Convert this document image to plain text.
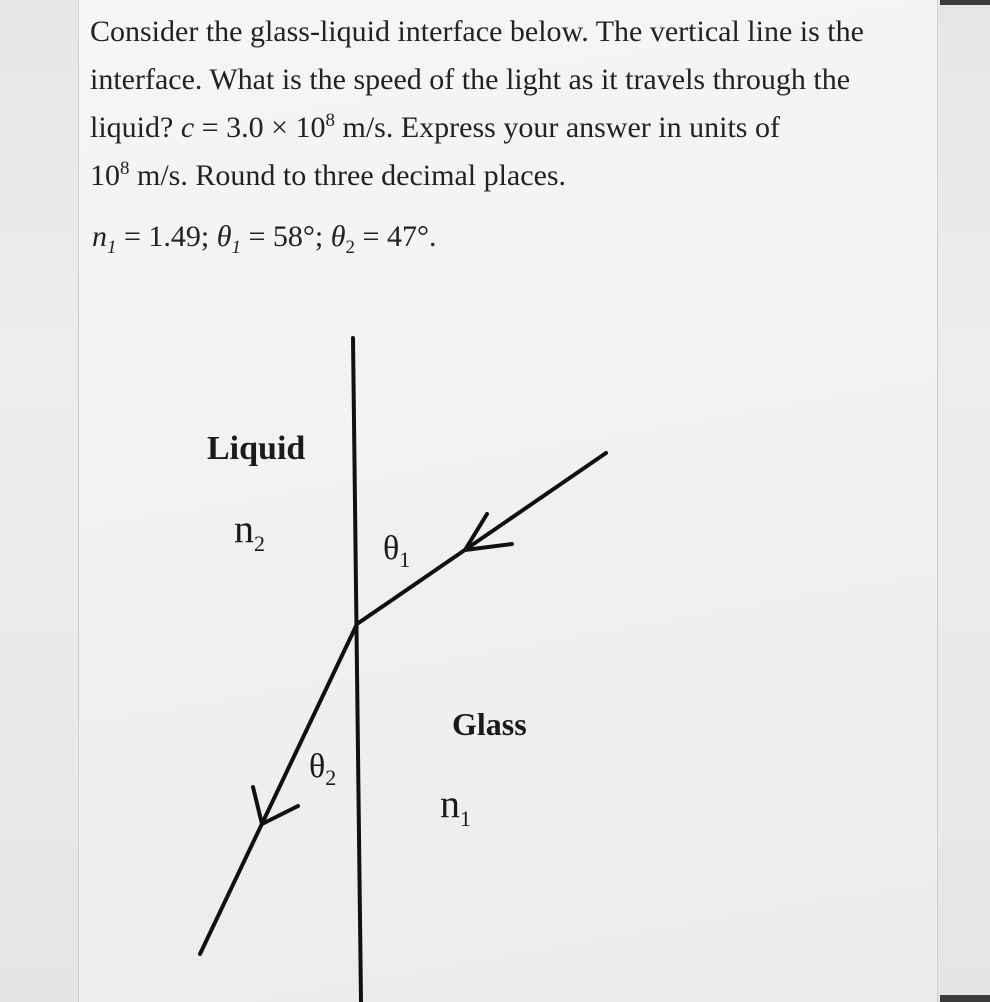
Consider the glass-liquid interface below. The vertical line is the interface. What is the speed of the light as it travels through the liquid? $c = 3.0 \times 10^8$ m/s. Express your answer in units of
$10^8$ m/s. Round to three decimal places.
$n_1 = 1.49$; $\theta_1 = 58^\circ$; $\theta_2 = 47^\circ$.
Liquid
$n_2$	$\theta_1$
Glass
$\theta_2$
$n_1$
